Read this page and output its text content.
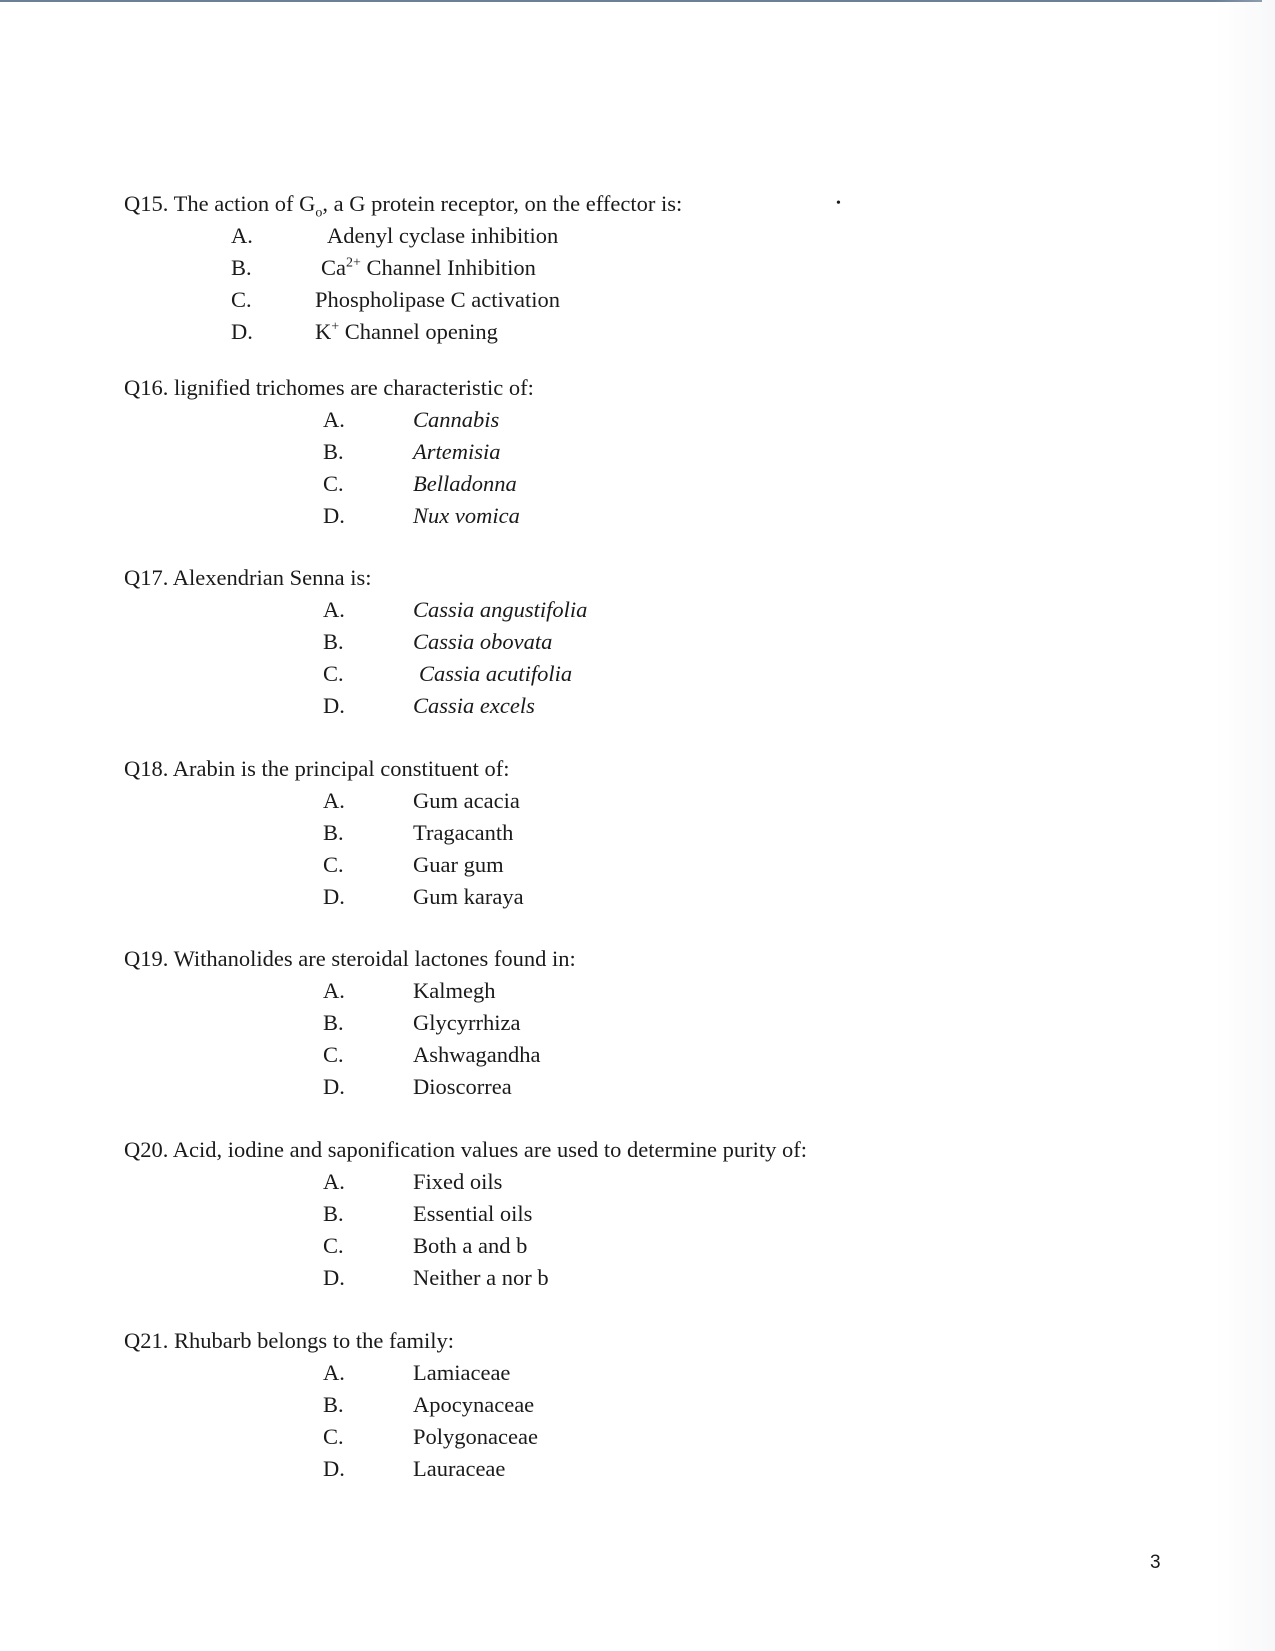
Q15. The action of $G_o$, a G protein receptor, on the effector is:
A.	Adenyl cyclase inhibition
B.	$Ca^{2+}$ Channel Inhibition
C.	Phospholipase C activation
D.	K+ Channel opening
•
Q16. lignified trichomes are characteristic of:
A.	Cannabis
B.	Artemisia
C.	Belladonna
D.	Nux vomica
Q17. Alexendrian Senna is:
A.	Cassia angustifolia
B.	Cassia obovata
C.	Cassia acutifolia
D.	Cassia excels
Q18. Arabin is the principal constituent of:
A.	Gum acacia
B.	Tragacanth
C.	Guar gum
D.	Gum karaya
Q19. Withanolides are steroidal lactones found in:
A.	Kalmegh
B.	Glycyrrhiza
C.	Ashwagandha
D.	Dioscorrea
Q20. Acid, iodine and saponification values are used to determine purity of:
A.	Fixed oils
B.	Essential oils
C.	Both a and b
D.	Neither a nor b
Q21. Rhubarb belongs to the family:
A.	Lamiaceae
B.	Apocynaceae
C.	Polygonaceae
D.	Lauraceae
3
